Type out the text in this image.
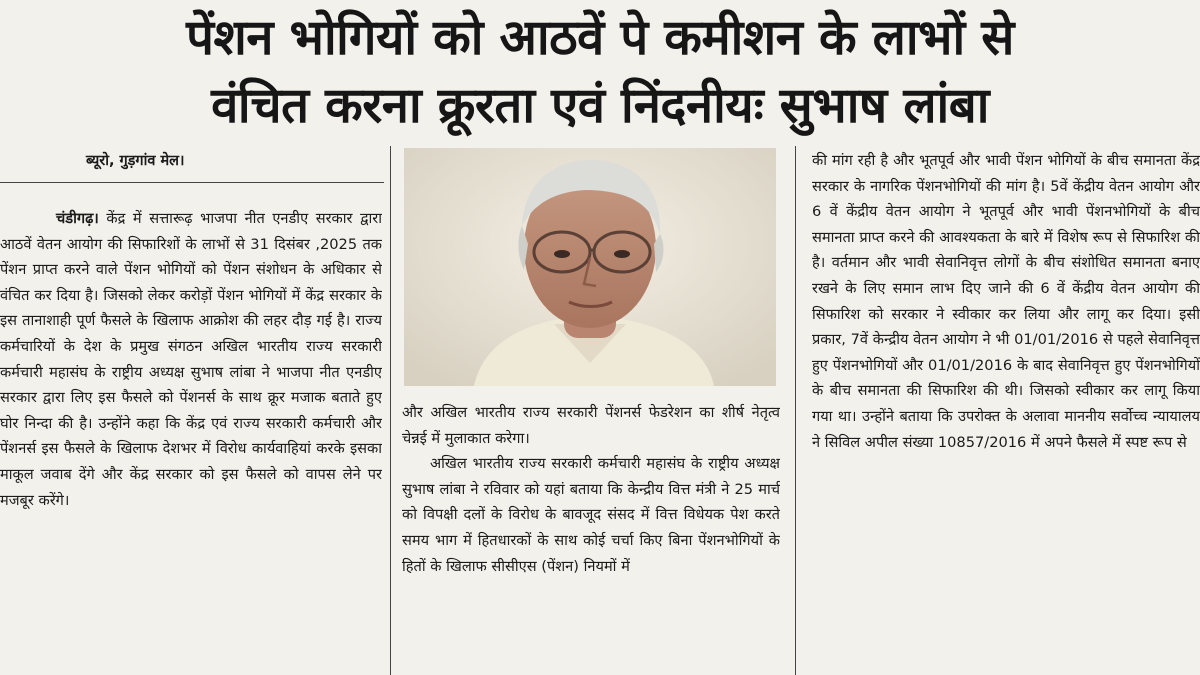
पेंशन भोगियों को आठवें पे कमीशन के लाभों से
वंचित करना क्रूरता एवं निंदनीयः सुभाष लांबा
ब्यूरो, गुड़गांव मेल।

चंडीगढ़। केंद्र में सत्तारूढ़ भाजपा नीत एनडीए सरकार द्वारा आठवें वेतन आयोग की सिफारिशों के लाभों से 31 दिसंबर ,2025 तक पेंशन प्राप्त करने वाले पेंशन भोगियों को पेंशन संशोधन के अधिकार से वंचित कर दिया है। जिसको लेकर करोड़ों पेंशन भोगियों में केंद्र सरकार के इस तानाशाही पूर्ण फैसले के खिलाफ आक्रोश की लहर दौड़ गई है। राज्य कर्मचारियों के देश के प्रमुख संगठन अखिल भारतीय राज्य सरकारी कर्मचारी महासंघ के राष्ट्रीय अध्यक्ष सुभाष लांबा ने भाजपा नीत एनडीए सरकार द्वारा लिए इस फैसले को पेंशनर्स के साथ क्रूर मजाक बताते हुए घोर निन्दा की है। उन्होंने कहा कि केंद्र एवं राज्य सरकारी कर्मचारी और पेंशनर्स इस फैसले के खिलाफ देशभर में विरोध कार्यवाहियां करके इसका माकूल जवाब देंगे और केंद्र सरकार को इस फैसले को वापस लेने पर मजबूर करेंगे।

और अखिल भारतीय राज्य सरकारी पेंशनर्स फेडरेशन का शीर्ष नेतृत्व चेन्नई में मुलाकात करेगा।

अखिल भारतीय राज्य सरकारी कर्मचारी महासंघ के राष्ट्रीय अध्यक्ष सुभाष लांबा ने रविवार को यहां बताया कि केन्द्रीय वित्त मंत्री ने 25 मार्च को विपक्षी दलों के विरोध के बावजूद संसद में वित्त विधेयक पेश करते समय भाग में हितधारकों के साथ कोई चर्चा किए बिना पेंशनभोगियों के हितों के खिलाफ सीसीएस (पेंशन) नियमों में

की मांग रही है और भूतपूर्व और भावी पेंशन भोगियों के बीच समानता केंद्र सरकार के नागरिक पेंशनभोगियों की मांग है। 5वें केंद्रीय वेतन आयोग और 6 वें केंद्रीय वेतन आयोग ने भूतपूर्व और भावी पेंशनभोगियों के बीच समानता प्राप्त करने की आवश्यकता के बारे में विशेष रूप से सिफारिश की है। वर्तमान और भावी सेवानिवृत्त लोगों के बीच संशोधित समानता बनाए रखने के लिए समान लाभ दिए जाने की 6 वें केंद्रीय वेतन आयोग की सिफारिश को सरकार ने स्वीकार कर लिया और लागू कर दिया। इसी प्रकार, 7वें केन्द्रीय वेतन आयोग ने भी 01/01/2016 से पहले सेवानिवृत्त हुए पेंशनभोगियों और 01/01/2016 के बाद सेवानिवृत्त हुए पेंशनभोगियों के बीच समानता की सिफारिश की थी। जिसको स्वीकार कर लागू किया गया था। उन्होंने बताया कि उपरोक्त के अलावा माननीय सर्वोच्च न्यायालय ने सिविल अपील संख्या 10857/2016 में अपने फैसले में स्पष्ट रूप से
